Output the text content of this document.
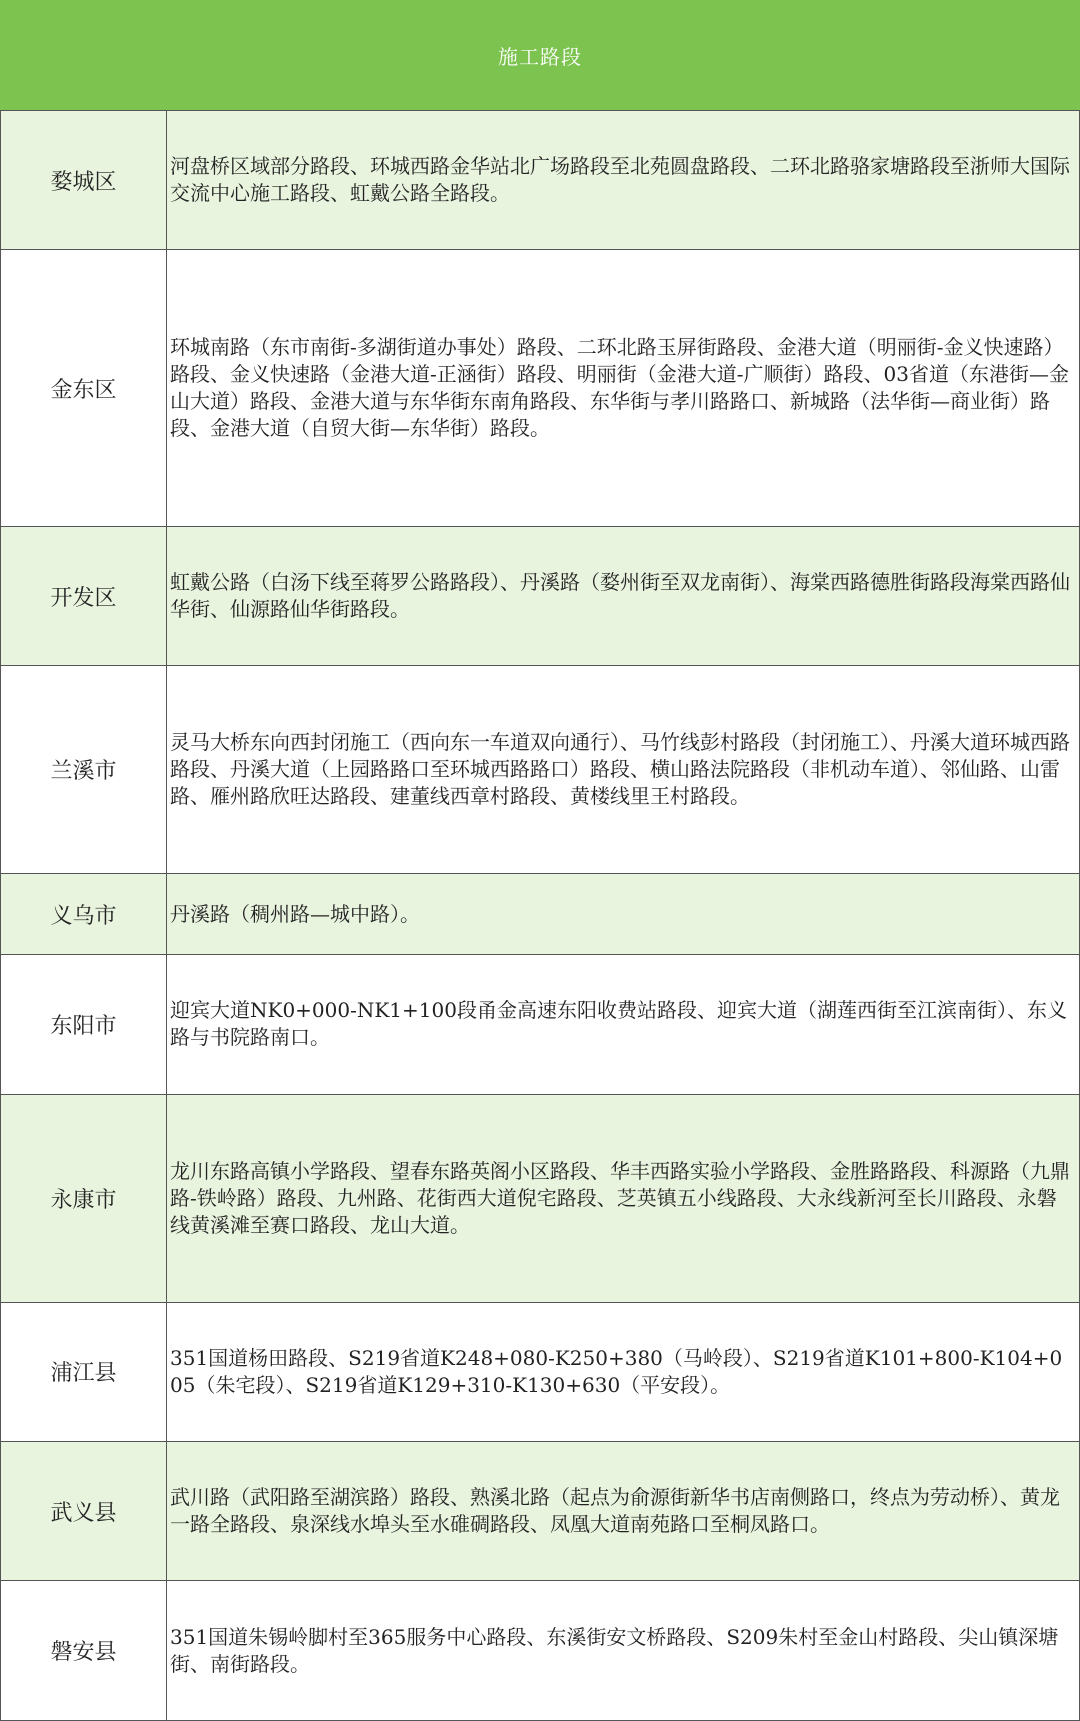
施工路段
婺城区	河盘桥区域部分路段、环城西路金华站北广场路段至北苑圆盘路段、二环北路骆家塘路段至浙师大国际交流中心施工路段、虹戴公路全路段。
金东区	环城南路（东市南街-多湖街道办事处）路段、二环北路玉屏街路段、金港大道（明丽街-金义快速路）路段、金义快速路（金港大道-正涵街）路段、明丽街（金港大道-广顺街）路段、03省道（东港街—金山大道）路段、金港大道与东华街东南角路段、东华街与孝川路路口、新城路（法华街—商业街）路段、金港大道（自贸大街—东华街）路段。
开发区	虹戴公路（白汤下线至蒋罗公路路段）、丹溪路（婺州街至双龙南街）、海棠西路德胜街路段海棠西路仙华街、仙源路仙华街路段。
兰溪市	灵马大桥东向西封闭施工（西向东一车道双向通行）、马竹线彭村路段（封闭施工）、丹溪大道环城西路路段、丹溪大道（上园路路口至环城西路路口）路段、横山路法院路段（非机动车道）、邻仙路、山雷路、雁州路欣旺达路段、建董线西章村路段、黄楼线里王村路段。
义乌市	丹溪路（稠州路—城中路）。
东阳市	迎宾大道NK0+000-NK1+100段甬金高速东阳收费站路段、迎宾大道（湖莲西街至江滨南街）、东义路与书院路南口。
永康市	龙川东路高镇小学路段、望春东路英阁小区路段、华丰西路实验小学路段、金胜路路段、科源路（九鼎路-铁岭路）路段、九州路、花街西大道倪宅路段、芝英镇五小线路段、大永线新河至长川路段、永磐线黄溪滩至赛口路段、龙山大道。
浦江县	351国道杨田路段、S219省道K248+080-K250+380（马岭段）、S219省道K101+800-K104+005（朱宅段）、S219省道K129+310-K130+630（平安段）。
武义县	武川路（武阳路至湖滨路）路段、熟溪北路（起点为俞源街新华书店南侧路口，终点为劳动桥）、黄龙一路全路段、泉深线水埠头至水碓碉路段、凤凰大道南苑路口至桐凤路口。
磐安县	351国道朱锡岭脚村至365服务中心路段、东溪街安文桥路段、S209朱村至金山村路段、尖山镇深塘街、南街路段。
